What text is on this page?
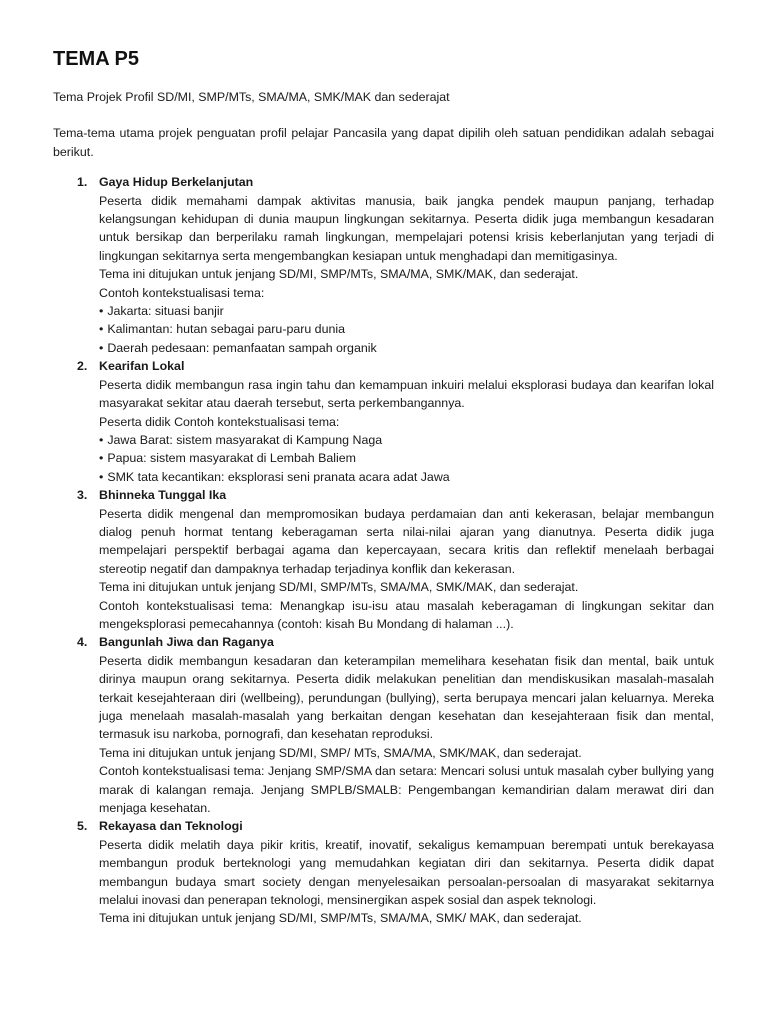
TEMA P5

Tema Projek Profil SD/MI, SMP/MTs, SMA/MA, SMK/MAK dan sederajat

Tema-tema utama projek penguatan profil pelajar Pancasila yang dapat dipilih oleh satuan pendidikan adalah sebagai berikut.

1. Gaya Hidup Berkelanjutan
Peserta didik memahami dampak aktivitas manusia, baik jangka pendek maupun panjang, terhadap kelangsungan kehidupan di dunia maupun lingkungan sekitarnya. Peserta didik juga membangun kesadaran untuk bersikap dan berperilaku ramah lingkungan, mempelajari potensi krisis keberlanjutan yang terjadi di lingkungan sekitarnya serta mengembangkan kesiapan untuk menghadapi dan memitigasinya.
Tema ini ditujukan untuk jenjang SD/MI, SMP/MTs, SMA/MA, SMK/MAK, dan sederajat.
Contoh kontekstualisasi tema:
• Jakarta: situasi banjir
• Kalimantan: hutan sebagai paru-paru dunia
• Daerah pedesaan: pemanfaatan sampah organik
2. Kearifan Lokal
Peserta didik membangun rasa ingin tahu dan kemampuan inkuiri melalui eksplorasi budaya dan kearifan lokal masyarakat sekitar atau daerah tersebut, serta perkembangannya.
Peserta didik Contoh kontekstualisasi tema:
• Jawa Barat: sistem masyarakat di Kampung Naga
• Papua: sistem masyarakat di Lembah Baliem
• SMK tata kecantikan: eksplorasi seni pranata acara adat Jawa
3. Bhinneka Tunggal Ika
Peserta didik mengenal dan mempromosikan budaya perdamaian dan anti kekerasan, belajar membangun dialog penuh hormat tentang keberagaman serta nilai-nilai ajaran yang dianutnya. Peserta didik juga mempelajari perspektif berbagai agama dan kepercayaan, secara kritis dan reflektif menelaah berbagai stereotip negatif dan dampaknya terhadap terjadinya konflik dan kekerasan.
Tema ini ditujukan untuk jenjang SD/MI, SMP/MTs, SMA/MA, SMK/MAK, dan sederajat.
Contoh kontekstualisasi tema: Menangkap isu-isu atau masalah keberagaman di lingkungan sekitar dan mengeksplorasi pemecahannya (contoh: kisah Bu Mondang di halaman ...).
4. Bangunlah Jiwa dan Raganya
Peserta didik membangun kesadaran dan keterampilan memelihara kesehatan fisik dan mental, baik untuk dirinya maupun orang sekitarnya. Peserta didik melakukan penelitian dan mendiskusikan masalah-masalah terkait kesejahteraan diri (wellbeing), perundungan (bullying), serta berupaya mencari jalan keluarnya. Mereka juga menelaah masalah-masalah yang berkaitan dengan kesehatan dan kesejahteraan fisik dan mental, termasuk isu narkoba, pornografi, dan kesehatan reproduksi.
Tema ini ditujukan untuk jenjang SD/MI, SMP/ MTs, SMA/MA, SMK/MAK, dan sederajat.
Contoh kontekstualisasi tema: Jenjang SMP/SMA dan setara: Mencari solusi untuk masalah cyber bullying yang marak di kalangan remaja. Jenjang SMPLB/SMALB: Pengembangan kemandirian dalam merawat diri dan menjaga kesehatan.
5. Rekayasa dan Teknologi
Peserta didik melatih daya pikir kritis, kreatif, inovatif, sekaligus kemampuan berempati untuk berekayasa membangun produk berteknologi yang memudahkan kegiatan diri dan sekitarnya. Peserta didik dapat membangun budaya smart society dengan menyelesaikan persoalan-persoalan di masyarakat sekitarnya melalui inovasi dan penerapan teknologi, mensinergikan aspek sosial dan aspek teknologi.
Tema ini ditujukan untuk jenjang SD/MI, SMP/MTs, SMA/MA, SMK/ MAK, dan sederajat.
